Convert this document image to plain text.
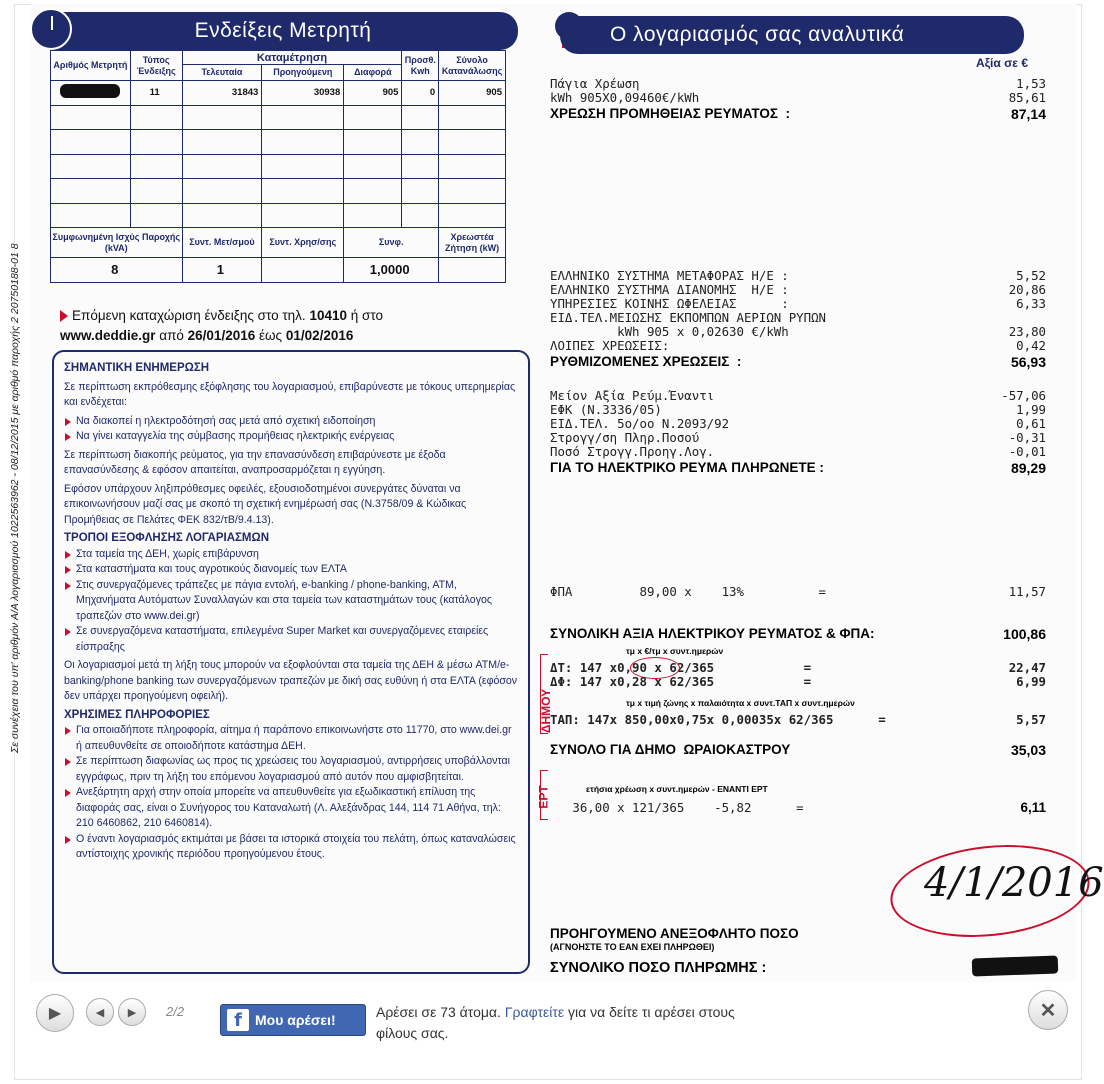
Σε συνέχεια του υπ' αριθμόν Α/Α λογαριασμού 1022563962 - 08/12/2015 με αριθμό παροχής 2 20750188-01 8
Ενδείξεις Μετρητή
Αριθμός Μετρητή	Τύπος Ένδειξης	Καταμέτρηση			Προσθ. Kwh	Σύνολο Κατανάλωσης
		Τελευταία	Προηγούμενη	Διαφορά		
	11	31843	30938	905	0	905

Συμφωνημένη Ισχύς Παροχής (kVA)		Συντ. Μετ/σμού	Συντ. Χρησ/σης	Συνφ.		Χρεωστέα Ζήτηση (kW)
8		1		1,0000		
Επόμενη καταχώριση ένδειξης στο τηλ. 10410 ή στο
www.deddie.gr από 26/01/2016 έως 01/02/2016
ΣΗΜΑΝΤΙΚΗ ΕΝΗΜΕΡΩΣΗ

Σε περίπτωση εκπρόθεσμης εξόφλησης του λογαριασμού, επιβαρύνεστε με τόκους υπερημερίας και ενδέχεται:

Να διακοπεί η ηλεκτροδότησή σας μετά από σχετική ειδοποίηση
Να γίνει καταγγελία της σύμβασης προμήθειας ηλεκτρικής ενέργειας

Σε περίπτωση διακοπής ρεύματος, για την επανασύνδεση επιβαρύνεστε με έξοδα επανασύνδεσης & εφόσον απαιτείται, αναπροσαρμόζεται η εγγύηση.

Εφόσον υπάρχουν ληξιπρόθεσμες οφειλές, εξουσιοδοτημένοι συνεργάτες δύναται να επικοινωνήσουν μαζί σας με σκοπό τη σχετική ενημέρωσή σας (Ν.3758/09 & Κώδικας Προμήθειας σε Πελάτες ΦΕΚ 832/τΒ/9.4.13).

ΤΡΟΠΟΙ ΕΞΟΦΛΗΣΗΣ ΛΟΓΑΡΙΑΣΜΩΝ
Στα ταμεία της ΔΕΗ, χωρίς επιβάρυνση
Στα καταστήματα και τους αγροτικούς διανομείς των ΕΛΤΑ
Στις συνεργαζόμενες τράπεζες με πάγια εντολή, e-banking / phone-banking, ATM, Μηχανήματα Αυτόματων Συναλλαγών και στα ταμεία των καταστημάτων τους (κατάλογος τραπεζών στο www.dei.gr)
Σε συνεργαζόμενα καταστήματα, επιλεγμένα Super Market και συνεργαζόμενες εταιρείες είσπραξης

Οι λογαριασμοί μετά τη λήξη τους μπορούν να εξοφλούνται στα ταμεία της ΔΕΗ & μέσω ATM/e-banking/phone banking των συνεργαζόμενων τραπεζών με δική σας ευθύνη ή στα ΕΛΤΑ (εφόσον δεν υπάρχει προηγούμενη οφειλή).

ΧΡΗΣΙΜΕΣ ΠΛΗΡΟΦΟΡΙΕΣ
Για οποιαδήποτε πληροφορία, αίτημα ή παράπονο επικοινωνήστε στο 11770, στο www.dei.gr ή απευθυνθείτε σε οποιοδήποτε κατάστημα ΔΕΗ.
Σε περίπτωση διαφωνίας ως προς τις χρεώσεις του λογαριασμού, αντιρρήσεις υποβάλλονται εγγράφως, πριν τη λήξη του επόμενου λογαριασμού από αυτόν που αμφισβητείται.
Ανεξάρτητη αρχή στην οποία μπορείτε να απευθυνθείτε για εξωδικαστική επίλυση της διαφοράς σας, είναι ο Συνήγορος του Καταναλωτή (Λ. Αλεξάνδρας 144, 114 71 Αθήνα, τηλ: 210 6460862, 210 6460814).
Ο έναντι λογαριασμός εκτιμάται με βάσει τα ιστορικά στοιχεία του πελάτη, όπως καταναλώσεις αντίστοιχης χρονικής περιόδου προηγούμενου έτους.
Ο λογαριασμός σας αναλυτικά
Αξία σε €
Πάγια Χρέωση	1,53
kWh 905X0,09460€/kWh	85,61
ΧΡΕΩΣΗ ΠΡΟΜΗΘΕΙΑΣ ΡΕΥΜΑΤΟΣ  :	87,14
ΕΛΛΗΝΙΚΟ ΣΥΣΤΗΜΑ ΜΕΤΑΦΟΡΑΣ Η/Ε :	5,52
ΕΛΛΗΝΙΚΟ ΣΥΣΤΗΜΑ ΔΙΑΝΟΜΗΣ  Η/Ε :	20,86
ΥΠΗΡΕΣΙΕΣ ΚΟΙΝΗΣ ΩΦΕΛΕΙΑΣ      :	6,33
ΕΙΔ.ΤΕΛ.ΜΕΙΩΣΗΣ ΕΚΠΟΜΠΩΝ ΑΕΡΙΩΝ ΡΥΠΩΝ
kWh 905 x 0,02630 €/kWh	23,80
ΛΟΙΠΕΣ ΧΡΕΩΣΕΙΣ:	0,42
ΡΥΘΜΙΖΟΜΕΝΕΣ ΧΡΕΩΣΕΙΣ  :	56,93
Μείον Αξία Ρεύμ.Έναντι	-57,06
ΕΦΚ (Ν.3336/05)	1,99
ΕΙΔ.ΤΕΛ. 5ο/οο Ν.2093/92	0,61
Στρογγ/ση Πληρ.Ποσού	-0,31
Ποσό Στρογγ.Προηγ.Λογ.	-0,01
ΓΙΑ ΤΟ ΗΛΕΚΤΡΙΚΟ ΡΕΥΜΑ ΠΛΗΡΩΝΕΤΕ :	89,29
ΦΠΑ         89,00 x    13%          =	11,57
ΣΥΝΟΛΙΚΗ ΑΞΙΑ ΗΛΕΚΤΡΙΚΟΥ ΡΕΥΜΑΤΟΣ & ΦΠΑ:	100,86
τμ x €/τμ x συντ.ημερών
ΔΤ: 147 x0,90 x 62/365            =	22,47
ΔΦ: 147 x0,28 x 62/365            =	6,99
τμ x τιμή ζώνης x παλαιότητα x συντ.ΤΑΠ x συντ.ημερών
ΤΑΠ: 147x 850,00x0,75x 0,00035x 62/365      =	5,57
ΣΥΝΟΛΟ ΓΙΑ ΔΗΜΟ  ΩΡΑΙΟΚΑΣΤΡΟΥ	35,03
ΔΗΜΟΥ
ετήσια χρέωση x συντ.ημερών - ΕΝΑΝΤΙ ΕΡΤ
36,00 x 121/365    -5,82      =	6,11
ΕΡΤ
4/1/2016
ΠΡΟΗΓΟΥΜΕΝΟ ΑΝΕΞΟΦΛΗΤΟ ΠΟΣΟ
(ΑΓΝΟΗΣΤΕ ΤΟ ΕΑΝ ΕΧΕΙ ΠΛΗΡΩΘΕΙ)
ΣΥΝΟΛΙΚΟ ΠΟΣΟ ΠΛΗΡΩΜΗΣ :
▶	◀	▶	2/2	f Μου αρέσει!	Αρέσει σε 73 άτομα. Γραφτείτε για να δείτε τι αρέσει στους φίλους σας.
✕
